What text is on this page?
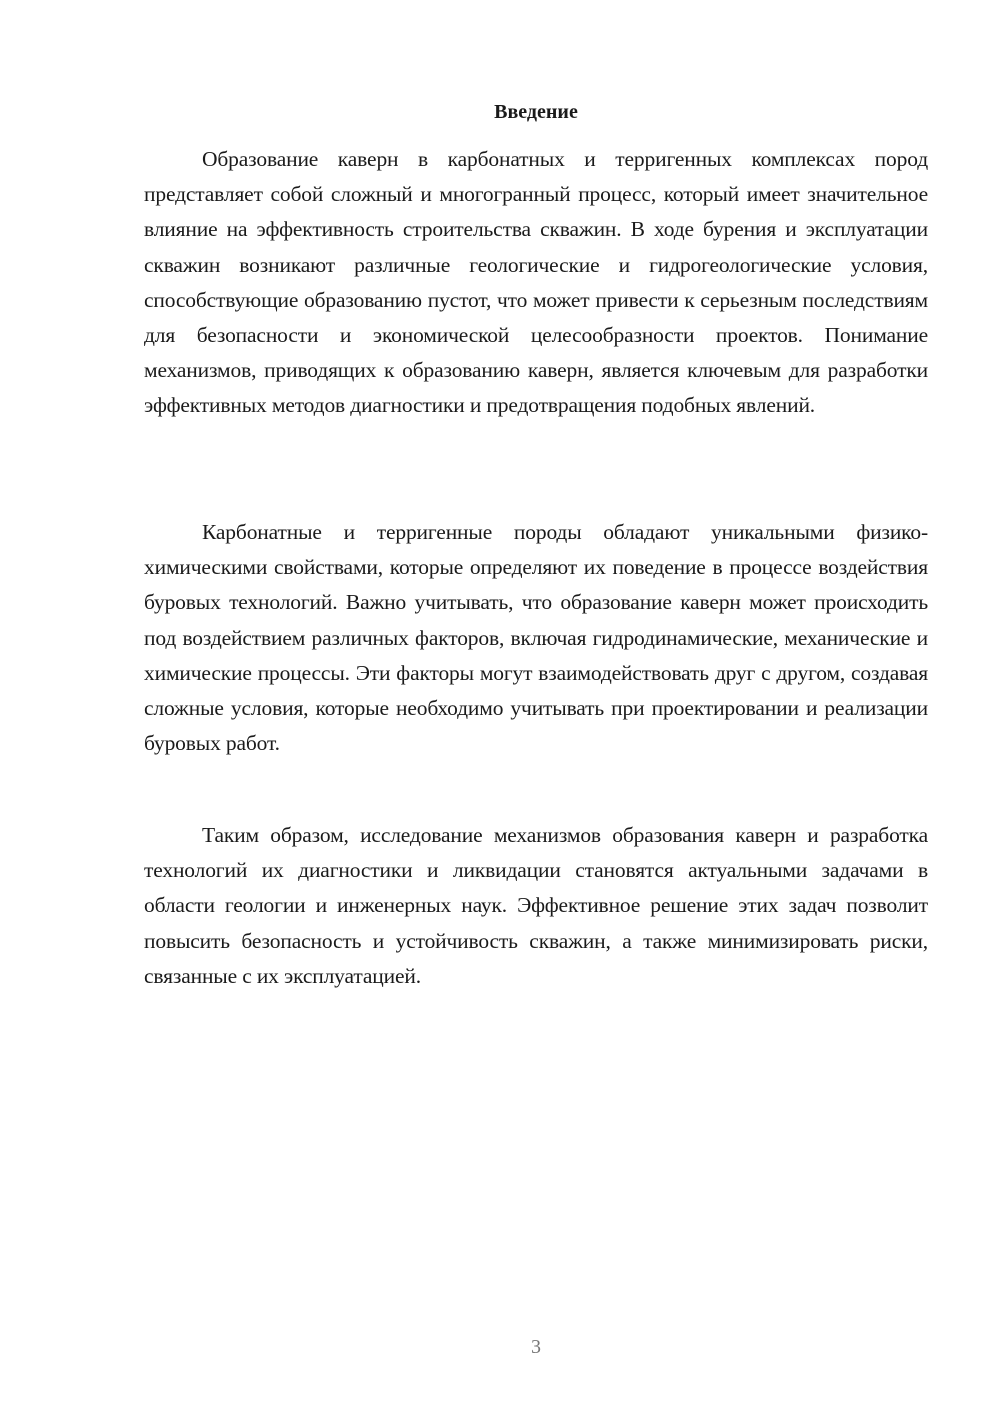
Введение

Образование каверн в карбонатных и терригенных комплексах пород представляет собой сложный и многогранный процесс, который имеет значительное влияние на эффективность строительства скважин. В ходе бурения и эксплуатации скважин возникают различные геологические и гидрогеологические условия, способствующие образованию пустот, что может привести к серьезным последствиям для безопасности и экономической целесообразности проектов. Понимание механизмов, приводящих к образованию каверн, является ключевым для разработки эффективных методов диагностики и предотвращения подобных явлений.

Карбонатные и терригенные породы обладают уникальными физико-химическими свойствами, которые определяют их поведение в процессе воздействия буровых технологий. Важно учитывать, что образование каверн может происходить под воздействием различных факторов, включая гидродинамические, механические и химические процессы. Эти факторы могут взаимодействовать друг с другом, создавая сложные условия, которые необходимо учитывать при проектировании и реализации буровых работ.

Таким образом, исследование механизмов образования каверн и разработка технологий их диагностики и ликвидации становятся актуальными задачами в области геологии и инженерных наук. Эффективное решение этих задач позволит повысить безопасность и устойчивость скважин, а также минимизировать риски, связанные с их эксплуатацией.

3
